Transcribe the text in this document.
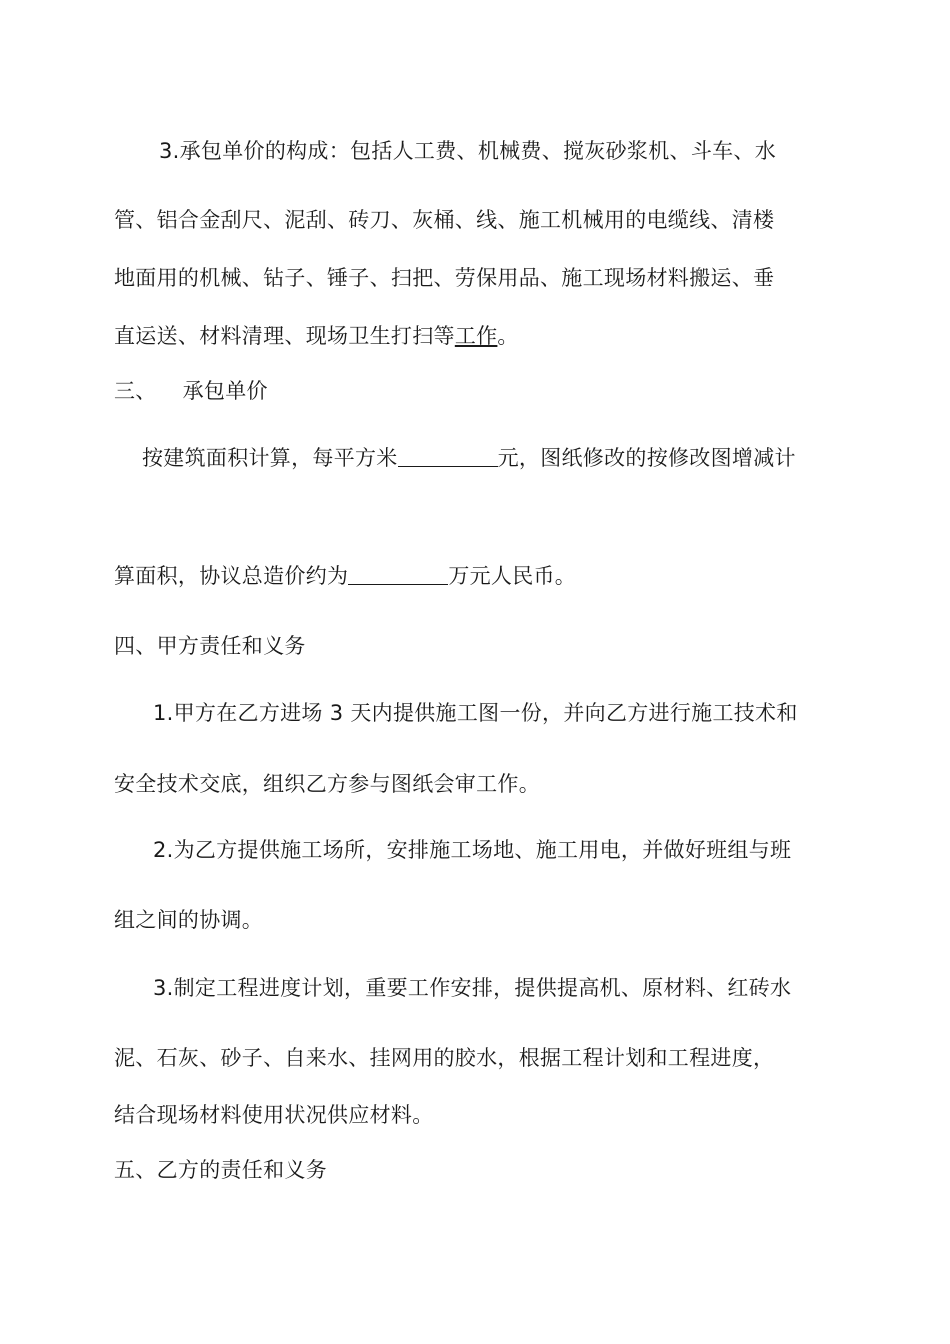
3.承包单价的构成：包括人工费、机械费、搅灰砂浆机、斗车、水
管、铝合金刮尺、泥刮、砖刀、灰桶、线、施工机械用的电缆线、清楼
地面用的机械、钻子、锤子、扫把、劳保用品、施工现场材料搬运、垂
直运送、材料清理、现场卫生打扫等工作。
三、 承包单价
按建筑面积计算，每平方米	元，图纸修改的按修改图增减计
算面积，协议总造价约为	万元人民币。
四、甲方责任和义务
1.甲方在乙方进场 3 天内提供施工图一份，并向乙方进行施工技术和
安全技术交底，组织乙方参与图纸会审工作。
2.为乙方提供施工场所，安排施工场地、施工用电，并做好班组与班
组之间的协调。
3.制定工程进度计划，重要工作安排，提供提高机、原材料、红砖水
泥、石灰、砂子、自来水、挂网用的胶水，根据工程计划和工程进度，
结合现场材料使用状况供应材料。
五、乙方的责任和义务
